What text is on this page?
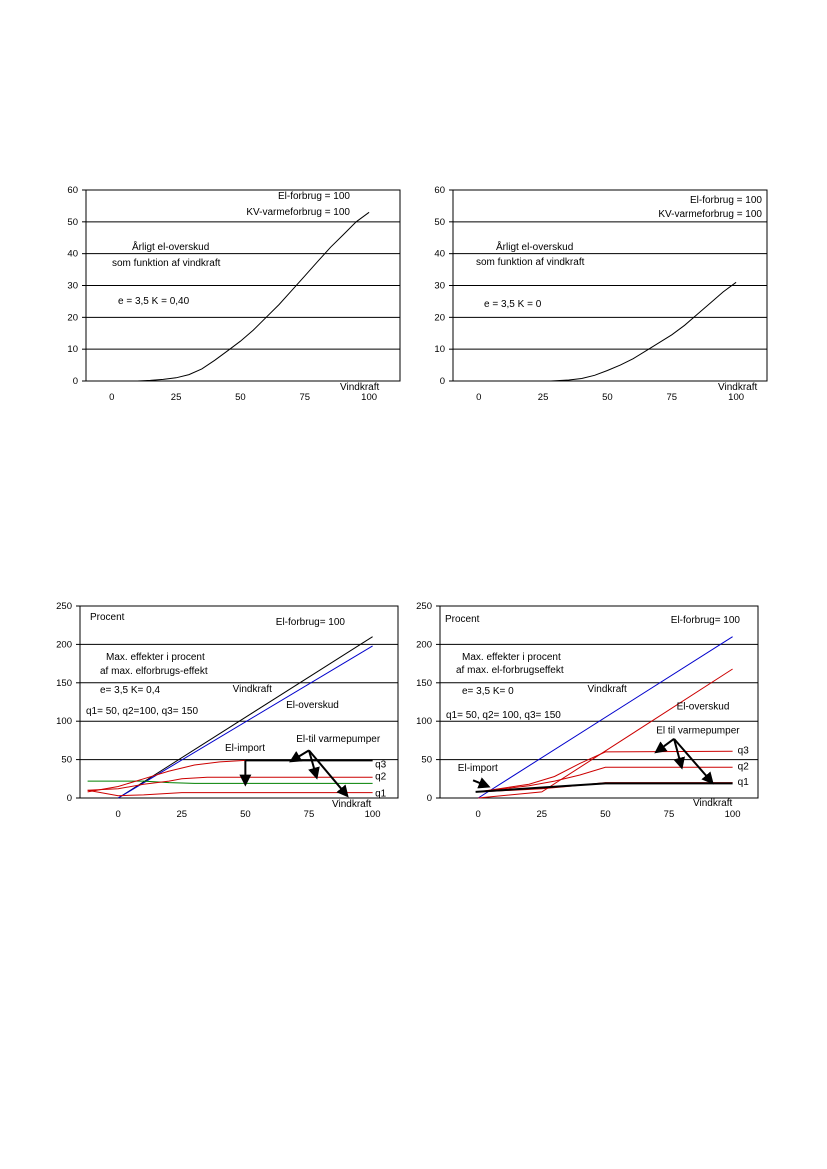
0
10
20
30
40
50
60
0	25	50	75	100
Vindkraft
El-forbrug = 100
KV-varmeforbrug = 100
Årligt el-overskud
som funktion af vindkraft
e = 3,5 K = 0,40
0
10
20
30
40
50
60
0	25	50	75	100
Vindkraft
El-forbrug = 100
KV-varmeforbrug = 100
Årligt el-overskud
som funktion af vindkraft
e = 3,5 K = 0
0
50
100
150
200
250
0	25	50	75	100
Vindkraft
El-forbrug= 100
Max. effekter i procent
af max. elforbrugs-effekt
e= 3,5 K= 0,4
q1= 50, q2=100, q3= 150
Procent
Vindkraft
El-overskud
El-import
El-til varmepumper
q3
q2
q1	0
50
100
150
200
250
0	25	50	75	100
Vindkraft
El-forbrug= 100
Max. effekter i procent
af max. el-forbrugseffekt
e= 3,5 K= 0
q1= 50, q2= 100, q3= 150
Procent
Vindkraft
El-overskud
El-import
El til varmepumper
q3
q2
q1
